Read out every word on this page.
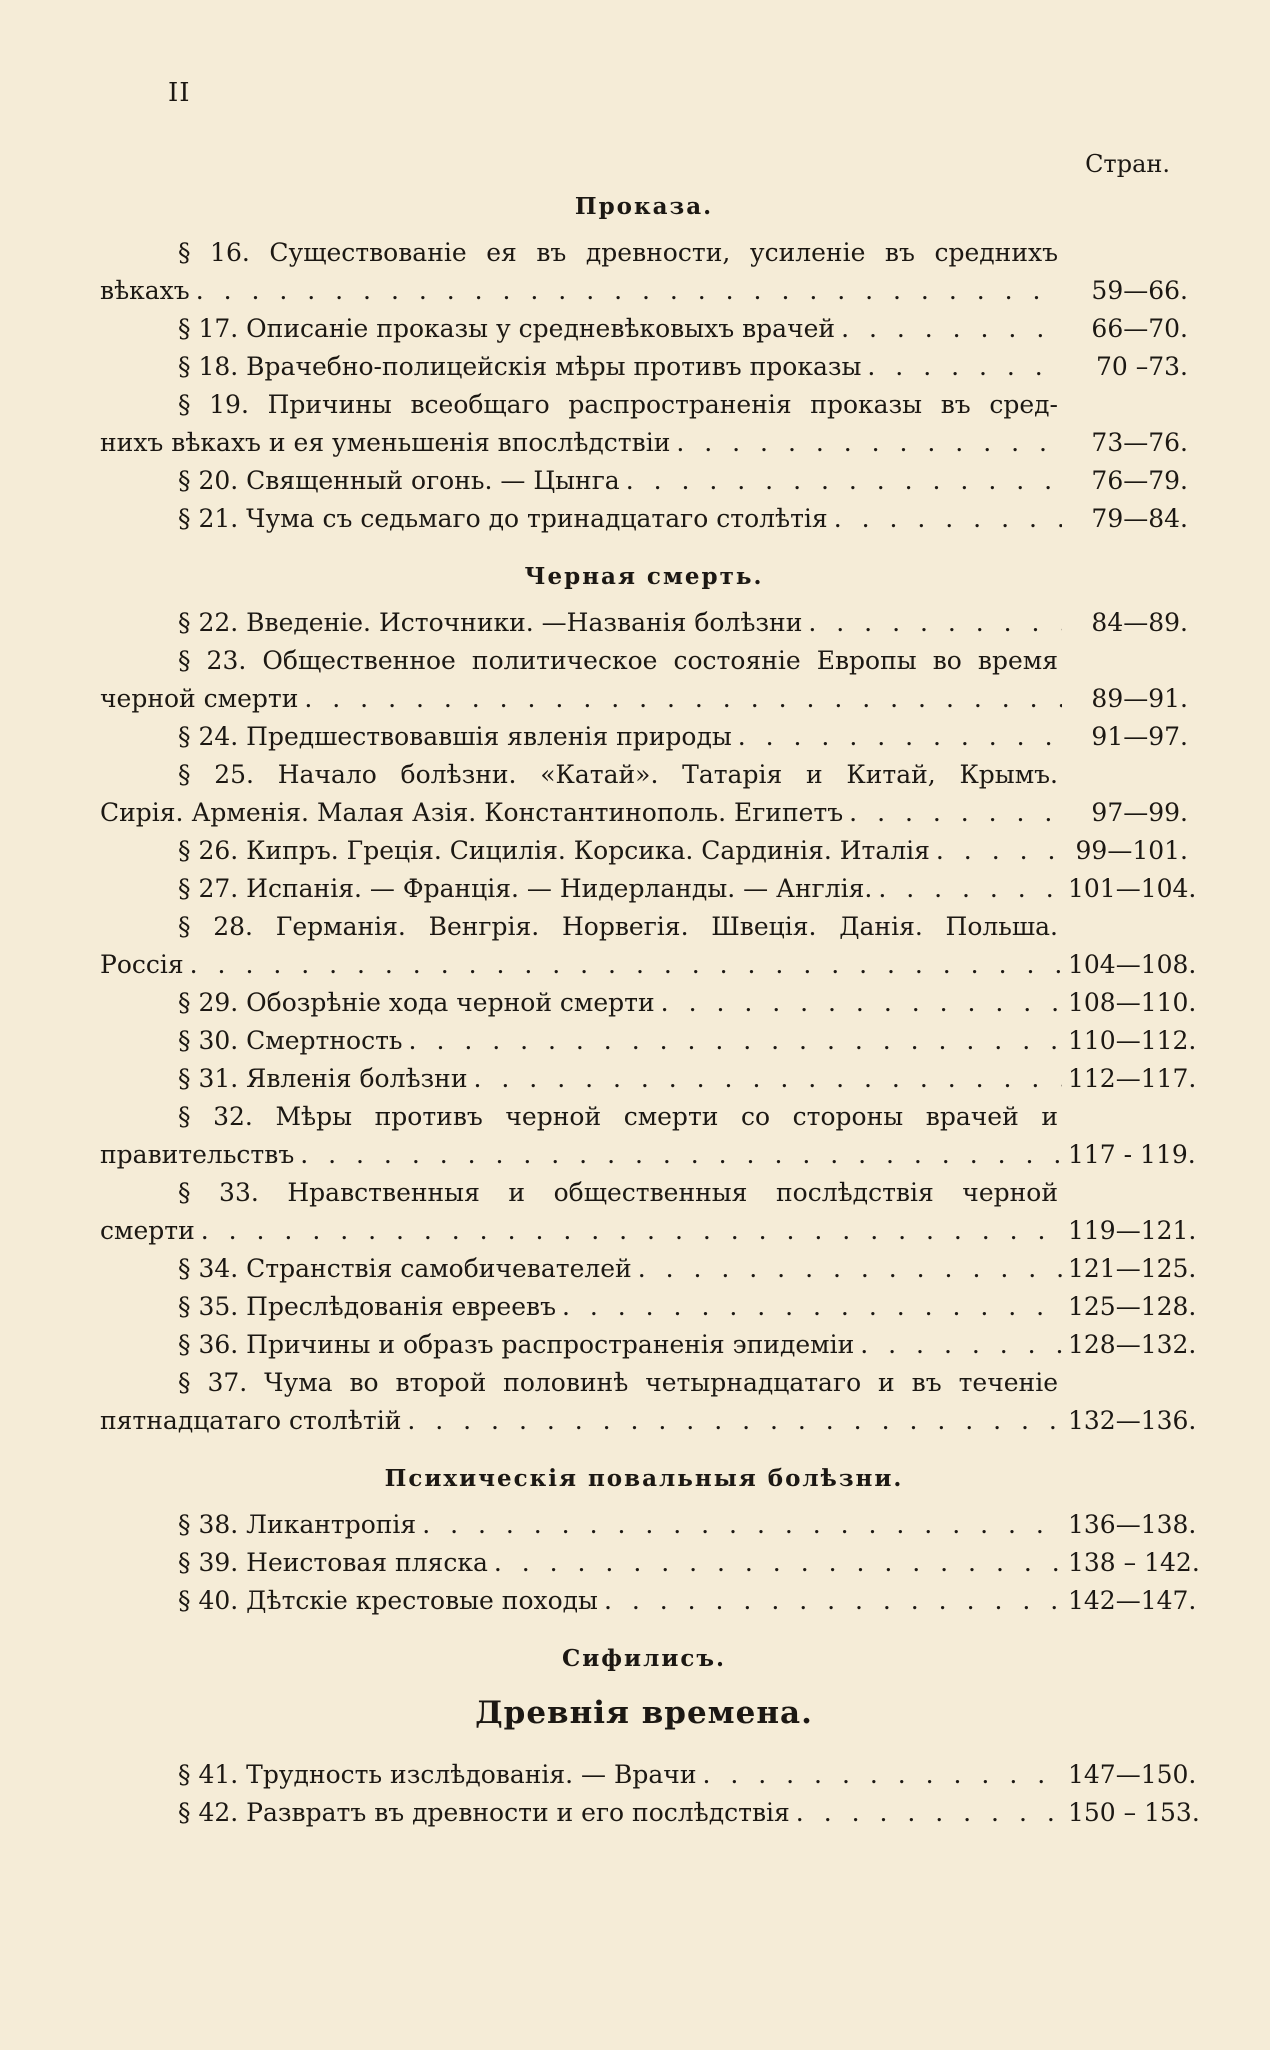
II
Стран.
Проказа.
§ 16. Существованіе ея въ древности, усиленіе въ среднихъ
вѣкахъ . . .	59—66.
§ 17.
Описаніе проказы у средневѣковыхъ врачей . . .	66—70.
§ 18.
Врачебно-полицейскія мѣры противъ проказы . . .	70 –73.
§ 19. Причины всеобщаго распространенія проказы въ сред-
нихъ вѣкахъ и ея уменьшенія впослѣдствіи . . .	73—76.
§ 20.
Священный огонь. — Цынга . . .	76—79.
§ 21.
Чума съ седьмаго до тринадцатаго столѣтія . . .	79—84.
Черная смерть.
§ 22.
Введеніе. Источники. —Названія болѣзни . . .	84—89.
§ 23. Общественное политическое состояніе Европы во время
черной смерти . . .	89—91.
§ 24.
Предшествовавшія явленія природы . . .	91—97.
§ 25. Начало болѣзни. «Катай». Татарія и Китай, Крымъ.
Сирія. Арменія. Малая Азія. Константинополь. Египетъ . . .	97—99.
§ 26.
Кипръ. Греція. Сицилія. Корсика. Сардинія. Италія . . .	99—101.
§ 27.
Испанія. — Франція. — Нидерланды. — Англія. . . .	101—104.
§ 28. Германія. Венгрія. Норвегія. Швеція. Данія. Польша.
Россія . . .	104—108.
§ 29.
Обозрѣніе хода черной смерти . . .	108—110.
§ 30.
Смертность . . .	110—112.
§ 31.
Явленія болѣзни . . .	112—117.
§ 32. Мѣры противъ черной смерти со стороны врачей и
правительствъ . . .	117 - 119.
§ 33. Нравственныя и общественныя послѣдствія черной
смерти . . .	119—121.
§ 34.
Странствія самобичевателей . . .	121—125.
§ 35.
Преслѣдованія евреевъ . . .	125—128.
§ 36.
Причины и образъ распространенія эпидеміи . . .	128—132.
§ 37. Чума во второй половинѣ четырнадцатаго и въ теченіе
пятнадцатаго столѣтій . . .	132—136.
Психическія повальныя болѣзни.
§ 38.
Ликантропія . . .	136—138.
§ 39.
Неистовая пляска . . .	138 – 142.
§ 40.
Дѣтскіе крестовые походы . . .	142—147.
Сифилисъ.
Древнія времена.
§ 41.
Трудность изслѣдованія. — Врачи . . .	147—150.
§ 42.
Развратъ въ древности и его послѣдствія . . .	150 – 153.
